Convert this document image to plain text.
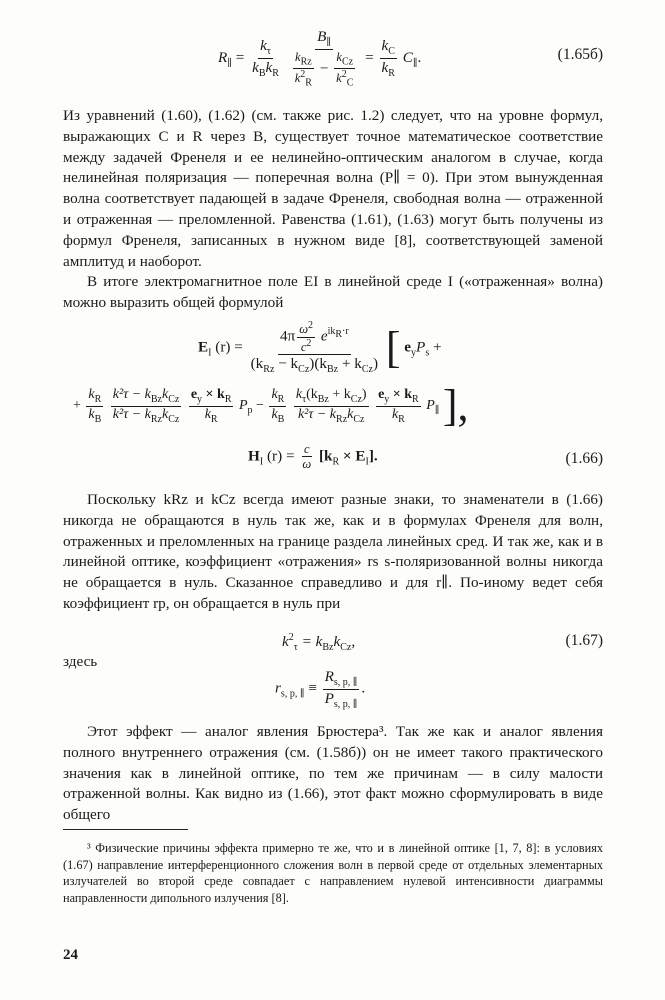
$R_\parallel = \frac{k_\tau}{k_Bk_R}$
$\frac{B_\parallel}{\frac{k_{Rz}}{k^2_R} - \frac{k_{Cz}}{k^2_C}} = \frac{k_C}{k_R} C_\parallel$.	(1.65б)

Из уравнений (1.60), (1.62) (см. также рис. 1.2) следует, что на уровне формул, выражающих C и R через B, существует точное математическое соответствие между задачей Френеля и ее нелинейно-оптическим аналогом в случае, когда нелинейная поляризация — поперечная волна (P∥ = 0). При этом вынужденная волна соответствует падающей в задаче Френеля, свободная волна — отраженной и отраженная — преломленной. Равенства (1.61), (1.63) могут быть получены из формул Френеля, записанных в нужном виде [8], соответствующей заменой амплитуд и наоборот.

В итоге электромагнитное поле EI в линейной среде I («отраженная» волна) можно выразить общей формулой

$E_I$ $(r) = \frac{4\pi \frac{\omega^2}{c^2} e^{ik_R\cdot r}}{(k_{Rz} - k_{Cz})(k_{Bz} + k_{Cz})}$ [ $e_yP_s$ +
+ $\frac{k_R}{k_B}$
$\frac{k^2\tau - k_{Bz}k_{Cz}}{k^2\tau - k_{Rz}k_{Cz}}$
$\frac{e_y \times k_R}{k_R} P_p - \frac{k_R}{k_B}$
$\frac{k_\tau(k_{Bz} + k_{Cz})}{k^2\tau - k_{Rz}k_{Cz}}$
$\frac{e_y \times k_R}{k_R} P_\parallel$ ],
$H_I$ $(r) = \frac{c}{\omega} [k_R \times E_I]$.	(1.66)
Поскольку kRz и kCz всегда имеют разные знаки, то знаменатели в (1.66) никогда не обращаются в нуль так же, как и в формулах Френеля для волн, отраженных и преломленных на границе раздела линейных сред. И так же, как и в линейной оптике, коэффициент «отражения» rs s-поляризованной волны никогда не обращается в нуль. Сказанное справедливо и для r∥. По-иному ведет себя коэффициент rp, он обращается в нуль при
$k^2_\tau = k_{Bz}k_{Cz}$,	(1.67)
здесь
$r_{s, p, \parallel} \equiv \frac{R_{s, p, \parallel}}{P_{s, p, \parallel}}$ .
Этот эффект — аналог явления Брюстера³. Так же как и аналог явления полного внутреннего отражения (см. (1.58б)) он не имеет такого практического значения как в линейной оптике, по тем же причинам — в силу малости отраженной волны. Как видно из (1.66), этот факт можно сформулировать в виде общего
³ Физические причины эффекта примерно те же, что и в линейной оптике [1, 7, 8]: в условиях (1.67) направление интерференционного сложения волн в первой среде от отдельных элементарных излучателей во второй среде совпадает с направлением нулевой интенсивности диаграммы направленности дипольного излучения [8].
24
